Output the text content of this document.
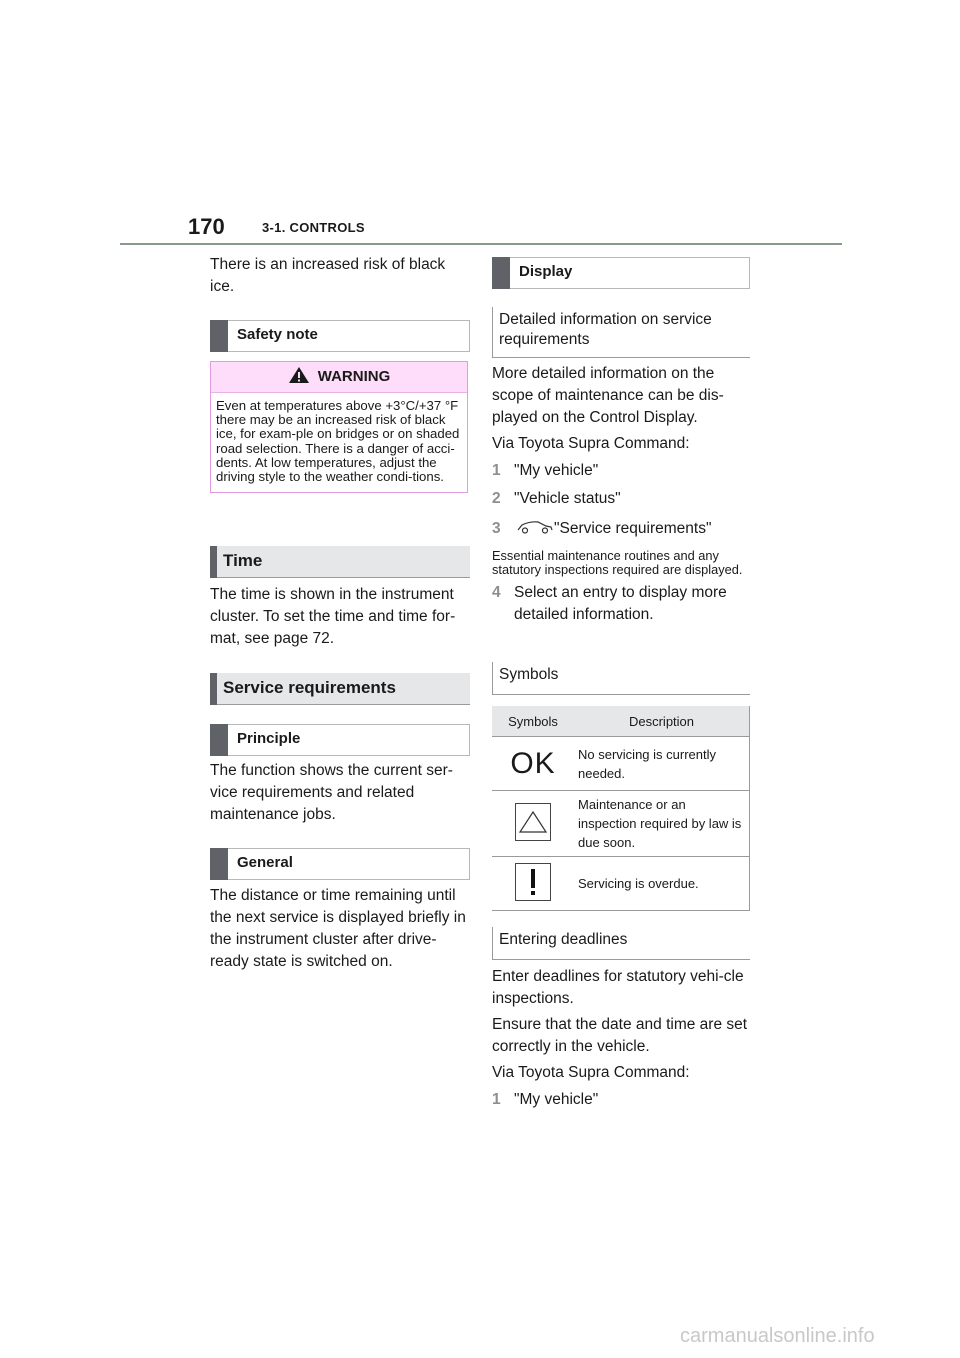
170	3-1. CONTROLS

There is an increased risk of black ice.

Safety note
WARNING
Even at temperatures above +3°C/+37 °F there may be an increased risk of black ice, for exam-ple on bridges or on shaded road selection. There is a danger of acci-dents. At low temperatures, adjust the driving style to the weather condi-tions.
Time

The time is shown in the instrument cluster. To set the time and time for-mat, see page 72.

Service requirements
Principle

The function shows the current ser-vice requirements and related maintenance jobs.

General

The distance or time remaining until the next service is displayed briefly in the instrument cluster after drive-ready state is switched on.

Display
Detailed information on service requirements

More detailed information on the scope of maintenance can be dis-played on the Control Display.

Via Toyota Supra Command:

1 "My vehicle"
2 "Vehicle status"
3	"Service requirements"

Essential maintenance routines and any statutory inspections required are displayed.

4 Select an entry to display more detailed information.
Symbols
Symbols	Description
OK	No servicing is currently needed.

	Maintenance or an inspection required by law is due soon.

	Servicing is overdue.
Entering deadlines

Enter deadlines for statutory vehi-cle inspections.

Ensure that the date and time are set correctly in the vehicle.

Via Toyota Supra Command:

1 "My vehicle"
carmanualsonline.info
